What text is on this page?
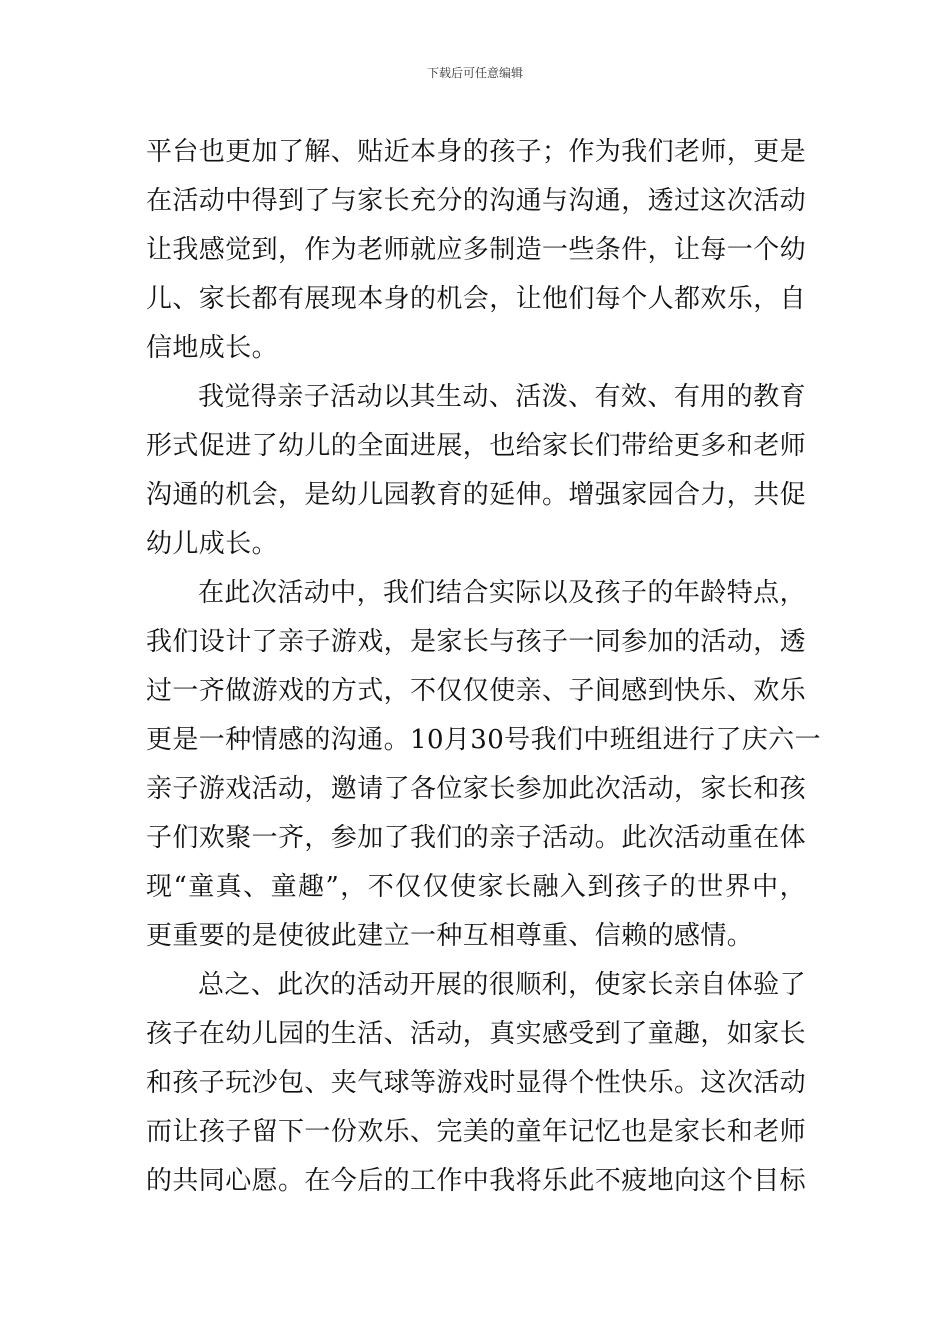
下载后可任意编辑
平台也更加了解、贴近本身的孩子；作为我们老师，更是
在活动中得到了与家长充分的沟通与沟通，透过这次活动
让我感觉到，作为老师就应多制造一些条件，让每一个幼
儿、家长都有展现本身的机会，让他们每个人都欢乐，自
信地成长。
我觉得亲子活动以其生动、活泼、有效、有用的教育
形式促进了幼儿的全面进展，也给家长们带给更多和老师
沟通的机会，是幼儿园教育的延伸。增强家园合力，共促
幼儿成长。
在此次活动中，我们结合实际以及孩子的年龄特点，
我们设计了亲子游戏，是家长与孩子一同参加的活动，透
过一齐做游戏的方式，不仅仅使亲、子间感到快乐、欢乐
更是一种情感的沟通。10月30号我们中班组进行了庆六一
亲子游戏活动，邀请了各位家长参加此次活动，家长和孩
子们欢聚一齐，参加了我们的亲子活动。此次活动重在体
现“童真、童趣”，不仅仅使家长融入到孩子的世界中，
更重要的是使彼此建立一种互相尊重、信赖的感情。
总之、此次的活动开展的很顺利，使家长亲自体验了
孩子在幼儿园的生活、活动，真实感受到了童趣，如家长
和孩子玩沙包、夹气球等游戏时显得个性快乐。这次活动
而让孩子留下一份欢乐、完美的童年记忆也是家长和老师
的共同心愿。在今后的工作中我将乐此不疲地向这个目标
